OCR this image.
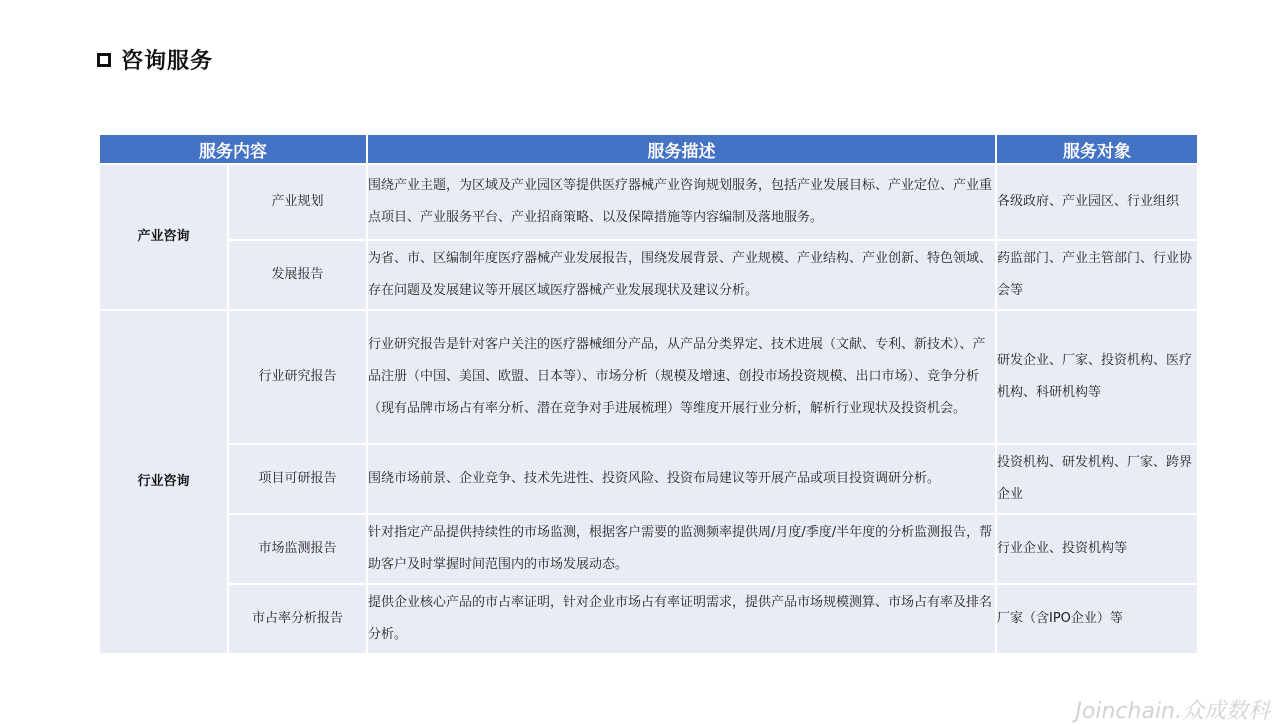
咨询服务
服务内容		服务描述	服务对象
产业咨询	产业规划	围绕产业主题，为区域及产业园区等提供医疗器械产业咨询规划服务，包括产业发展目标、产业定位、产业重点项目、产业服务平台、产业招商策略、以及保障措施等内容编制及落地服务。	各级政府、产业园区、行业组织
	发展报告	为省、市、区编制年度医疗器械产业发展报告，围绕发展背景、产业规模、产业结构、产业创新、特色领域、存在问题及发展建议等开展区域医疗器械产业发展现状及建议分析。	药监部门、产业主管部门、行业协会等
行业咨询	行业研究报告	行业研究报告是针对客户关注的医疗器械细分产品，从产品分类界定、技术进展（文献、专利、新技术）、产品注册（中国、美国、欧盟、日本等）、市场分析（规模及增速、创投市场投资规模、出口市场）、竞争分析（现有品牌市场占有率分析、潜在竞争对手进展梳理）等维度开展行业分析，解析行业现状及投资机会。	研发企业、厂家、投资机构、医疗机构、科研机构等
	项目可研报告	围绕市场前景、企业竞争、技术先进性、投资风险、投资布局建议等开展产品或项目投资调研分析。	投资机构、研发机构、厂家、跨界企业
	市场监测报告	针对指定产品提供持续性的市场监测，根据客户需要的监测频率提供周/月度/季度/半年度的分析监测报告，帮助客户及时掌握时间范围内的市场发展动态。	行业企业、投资机构等
	市占率分析报告	提供企业核心产品的市占率证明，针对企业市场占有率证明需求，提供产品市场规模测算、市场占有率及排名分析。	厂家（含IPO企业）等
Joinchain.众成数科
